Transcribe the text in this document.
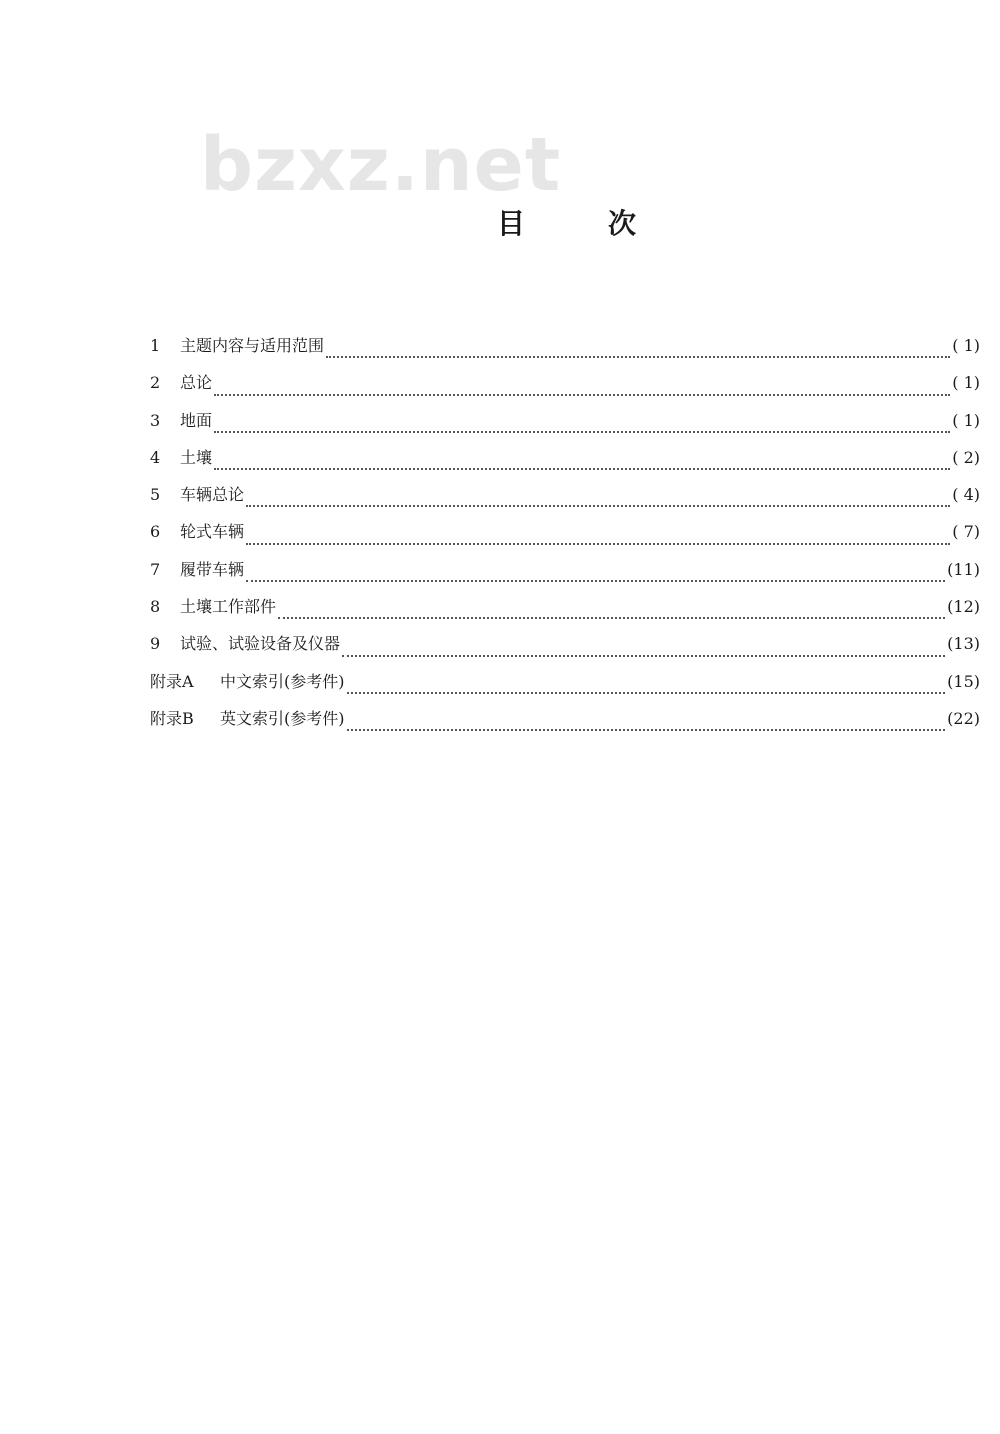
bzxz.net
目	次
1	主题内容与适用范围	( 1)
2	总论	( 1)
3	地面	( 1)
4	土壤	( 2)
5	车辆总论	( 4)
6	轮式车辆	( 7)
7	履带车辆	(11)
8	土壤工作部件	(12)
9	试验、试验设备及仪器	(13)
附录A	中文索引(参考件)	(15)
附录B	英文索引(参考件)	(22)
